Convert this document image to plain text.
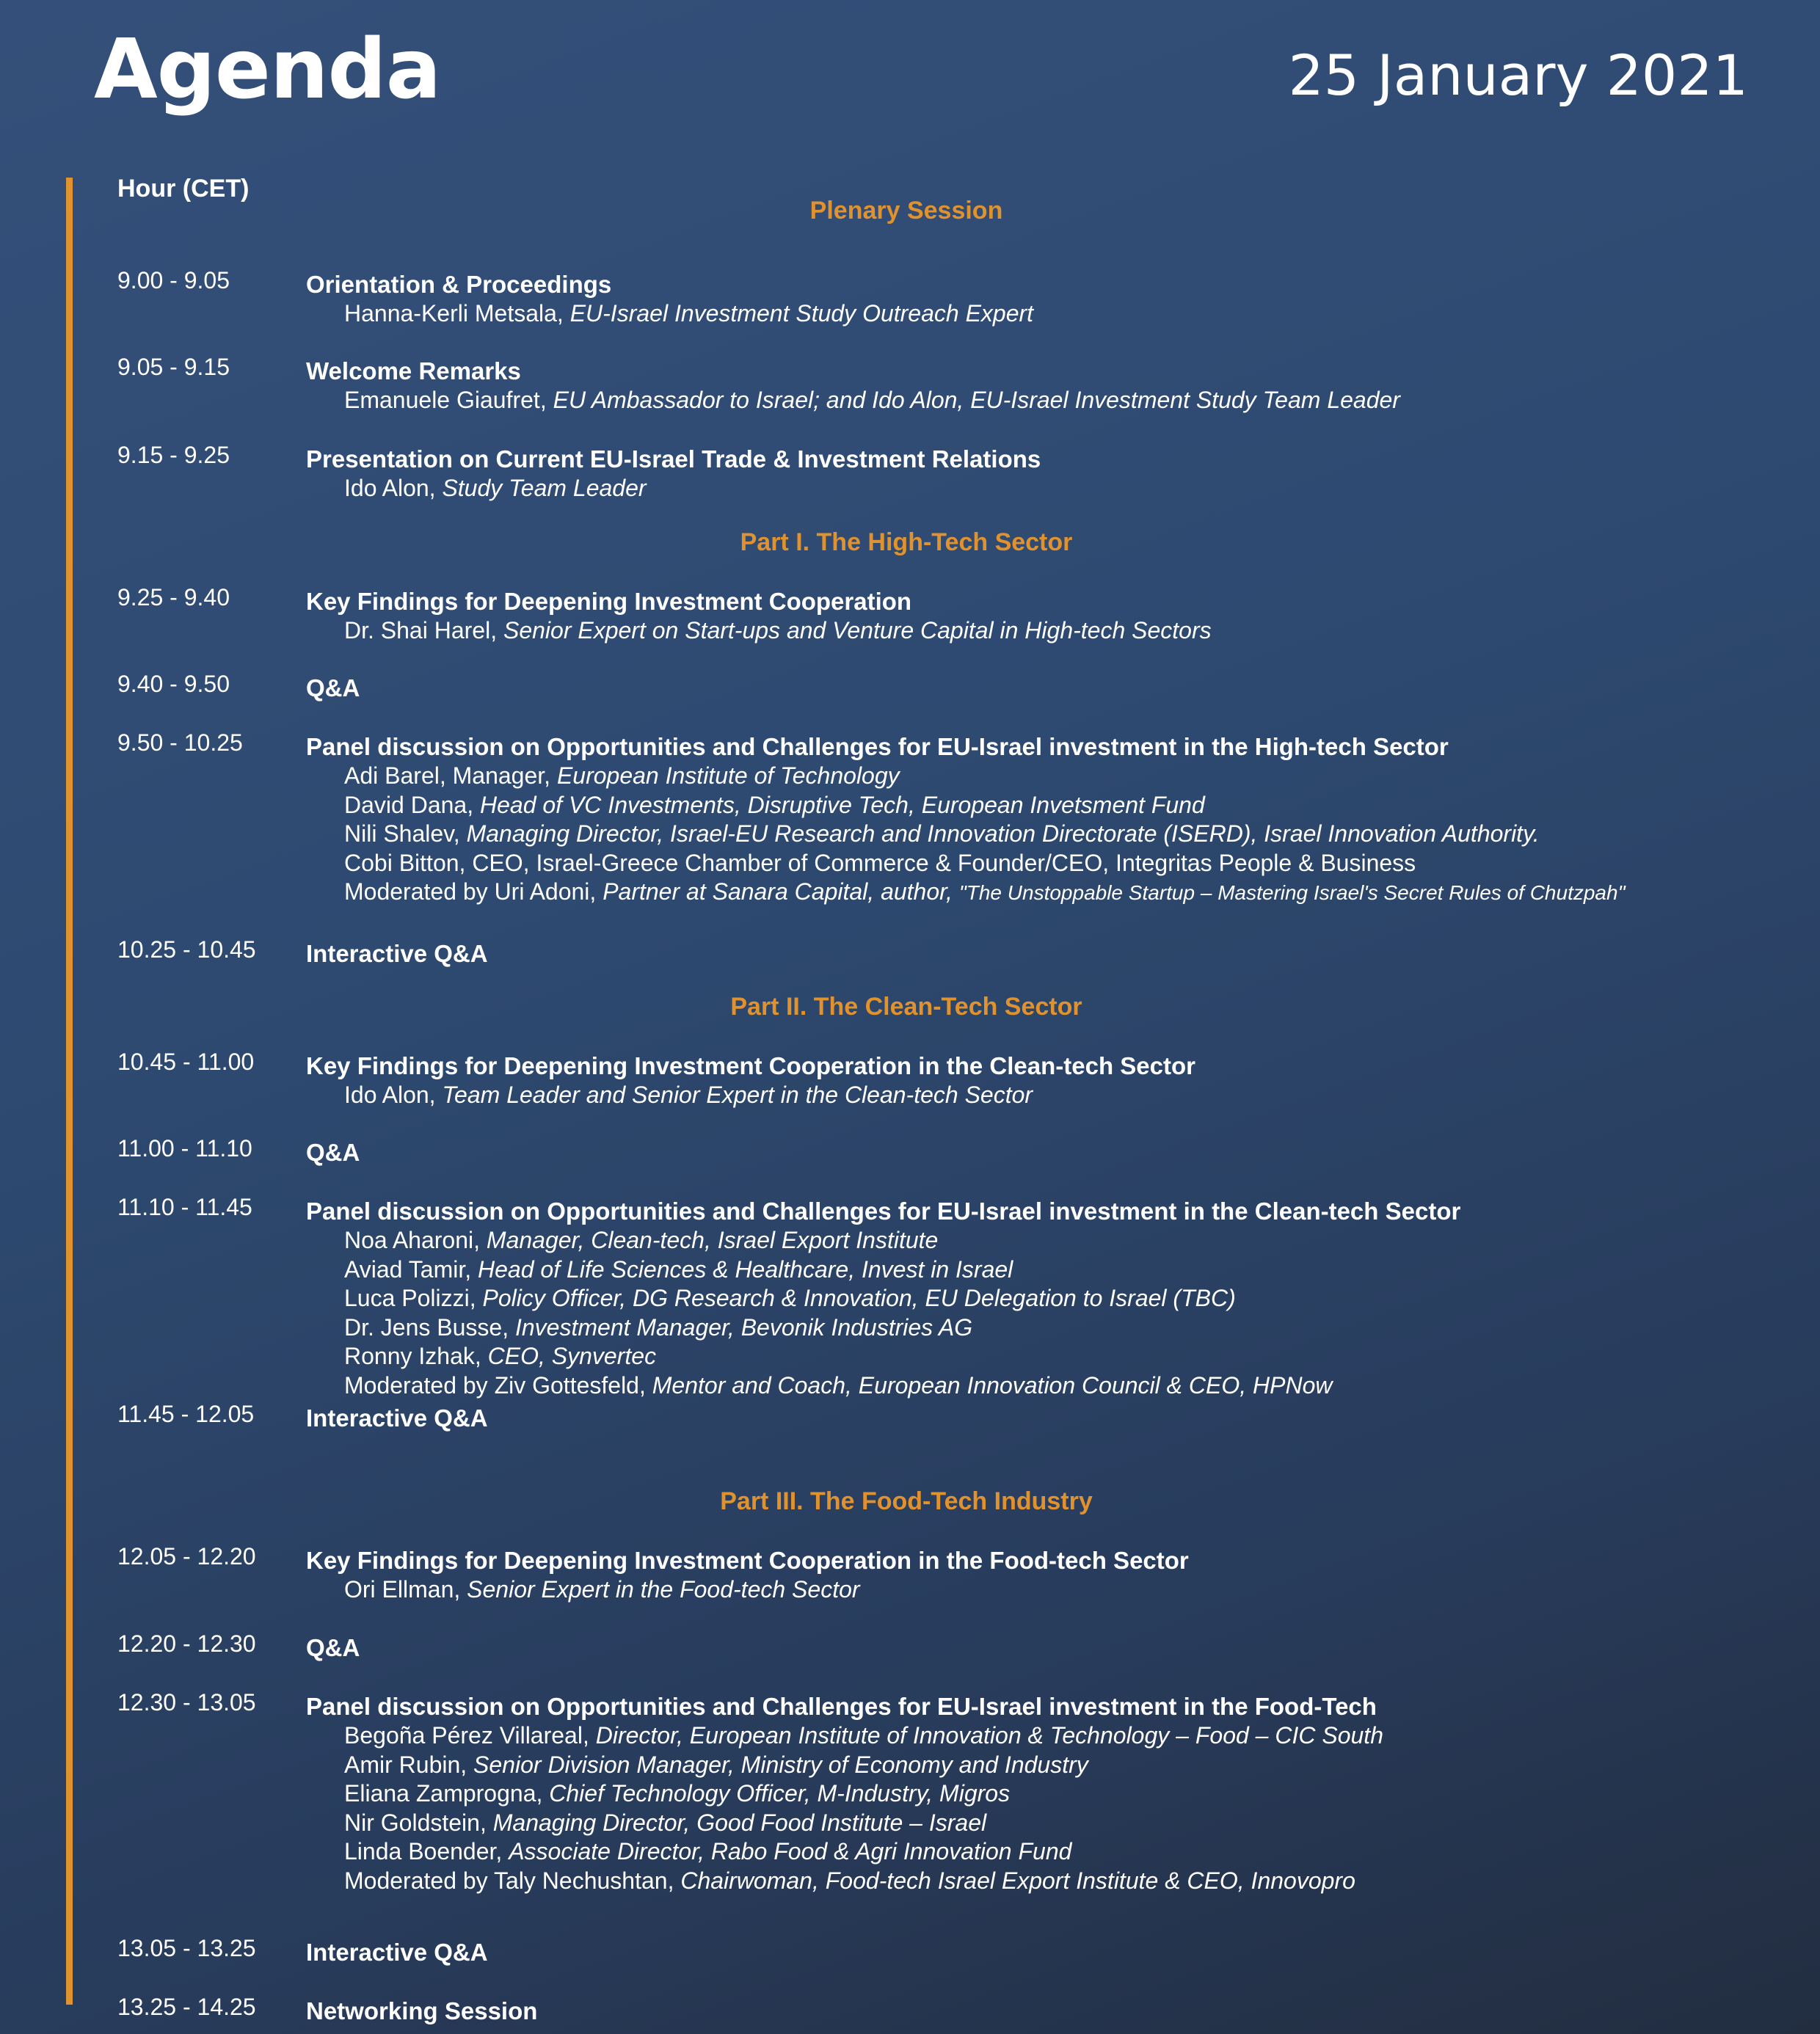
Agenda	25 January 2021
Hour (CET)
Plenary Session
9.00 - 9.05	Orientation & Proceedings
Hanna-Kerli Metsala, EU-Israel Investment Study Outreach Expert
9.05 - 9.15	Welcome Remarks
Emanuele Giaufret, EU Ambassador to Israel; and Ido Alon, EU-Israel Investment Study Team Leader
9.15 - 9.25	Presentation on Current EU-Israel Trade & Investment Relations
Ido Alon, Study Team Leader
Part I. The High-Tech Sector
9.25 - 9.40	Key Findings for Deepening Investment Cooperation
Dr. Shai Harel, Senior Expert on Start-ups and Venture Capital in High-tech Sectors
9.40 - 9.50	Q&A
9.50 - 10.25	Panel discussion on Opportunities and Challenges for EU-Israel investment in the High-tech Sector
Adi Barel, Manager, European Institute of Technology
David Dana, Head of VC Investments, Disruptive Tech, European Invetsment Fund
Nili Shalev, Managing Director, Israel-EU Research and Innovation Directorate (ISERD), Israel Innovation Authority.
Cobi Bitton, CEO, Israel-Greece Chamber of Commerce & Founder/CEO, Integritas People & Business
Moderated by Uri Adoni, Partner at Sanara Capital, author, "The Unstoppable Startup – Mastering Israel's Secret Rules of Chutzpah"
10.25 - 10.45 Interactive Q&A
Part II. The Clean-Tech Sector
10.45 - 11.00 Key Findings for Deepening Investment Cooperation in the Clean-tech Sector
Ido Alon, Team Leader and Senior Expert in the Clean-tech Sector
11.00 - 11.10 Q&A
11.10 - 11.45 Panel discussion on Opportunities and Challenges for EU-Israel investment in the Clean-tech Sector
Noa Aharoni, Manager, Clean-tech, Israel Export Institute
Aviad Tamir, Head of Life Sciences & Healthcare, Invest in Israel
Luca Polizzi, Policy Officer, DG Research & Innovation, EU Delegation to Israel (TBC)
Dr. Jens Busse, Investment Manager, Bevonik Industries AG
Ronny Izhak, CEO, Synvertec
Moderated by Ziv Gottesfeld, Mentor and Coach, European Innovation Council & CEO, HPNow
11.45 - 12.05 Interactive Q&A
Part III. The Food-Tech Industry
12.05 - 12.20 Key Findings for Deepening Investment Cooperation in the Food-tech Sector
Ori Ellman, Senior Expert in the Food-tech Sector
12.20 - 12.30 Q&A
12.30 - 13.05 Panel discussion on Opportunities and Challenges for EU-Israel investment in the Food-Tech
Begoña Pérez Villareal, Director, European Institute of Innovation & Technology – Food – CIC South
Amir Rubin, Senior Division Manager, Ministry of Economy and Industry
Eliana Zamprogna, Chief Technology Officer, M-Industry, Migros
Nir Goldstein, Managing Director, Good Food Institute – Israel
Linda Boender, Associate Director, Rabo Food & Agri Innovation Fund
Moderated by Taly Nechushtan, Chairwoman, Food-tech Israel Export Institute & CEO, Innovopro
13.05 - 13.25 Interactive Q&A
13.25 - 14.25 Networking Session
